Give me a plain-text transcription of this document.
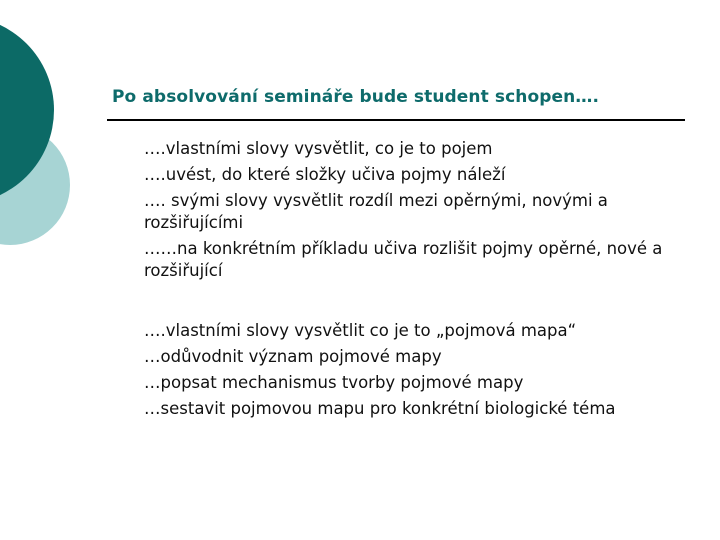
Po absolvování semináře bude student schopen….
….vlastními slovy vysvětlit, co je to pojem
….uvést, do které složky učiva pojmy náleží
…. svými slovy vysvětlit rozdíl mezi opěrnými, novými a rozšiřujícími
……na konkrétním příkladu učiva rozlišit pojmy opěrné, nové a rozšiřující
….vlastními slovy vysvětlit co je to „pojmová mapa“
…odůvodnit význam pojmové mapy
…popsat mechanismus tvorby pojmové mapy
…sestavit pojmovou mapu pro konkrétní biologické téma
